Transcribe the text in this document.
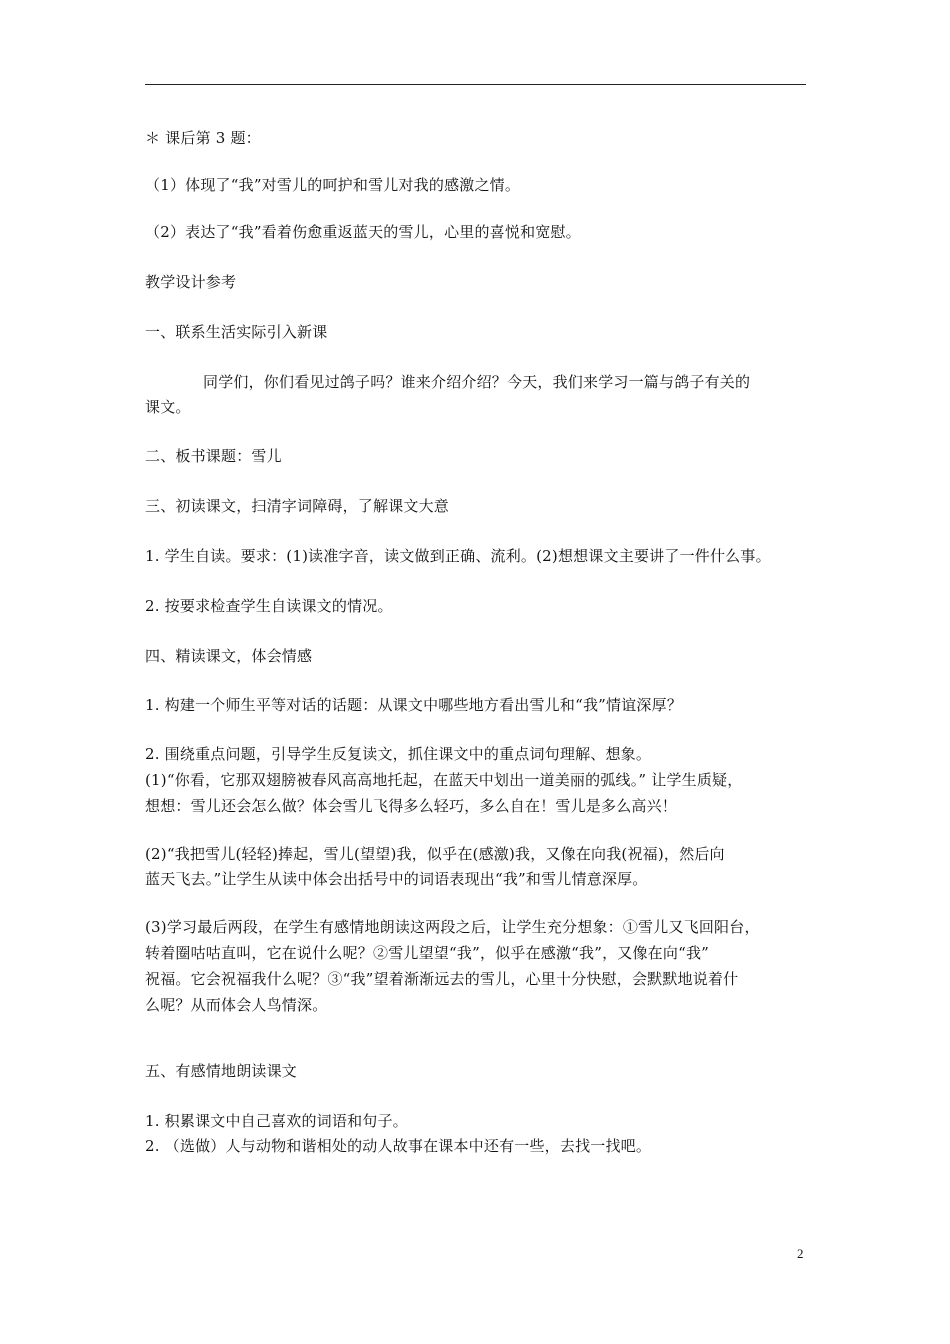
＊ 课后第 3 题：
（1）体现了“我”对雪儿的呵护和雪儿对我的感激之情。
（2）表达了“我”看着伤愈重返蓝天的雪儿，心里的喜悦和宽慰。
教学设计参考
一、联系生活实际引入新课
同学们，你们看见过鸽子吗？谁来介绍介绍？今天，我们来学习一篇与鸽子有关的
课文。
二、板书课题：雪儿
三、初读课文，扫清字词障碍，了解课文大意
1. 学生自读。要求：(1)读准字音，读文做到正确、流利。(2)想想课文主要讲了一件什么事。
2. 按要求检查学生自读课文的情况。
四、精读课文，体会情感
1. 构建一个师生平等对话的话题：从课文中哪些地方看出雪儿和“我”情谊深厚？
2. 围绕重点问题，引导学生反复读文，抓住课文中的重点词句理解、想象。
(1)“你看，它那双翅膀被春风高高地托起，在蓝天中划出一道美丽的弧线。” 让学生质疑，
想想：雪儿还会怎么做？体会雪儿飞得多么轻巧，多么自在！雪儿是多么高兴！
(2)“我把雪儿(轻轻)捧起，雪儿(望望)我，似乎在(感激)我，又像在向我(祝福)，然后向
蓝天飞去。”让学生从读中体会出括号中的词语表现出“我”和雪儿情意深厚。
(3)学习最后两段，在学生有感情地朗读这两段之后，让学生充分想象：①雪儿又飞回阳台，
转着圈咕咕直叫，它在说什么呢？②雪儿望望“我”，似乎在感激“我”，又像在向“我”
祝福。它会祝福我什么呢？③“我”望着渐渐远去的雪儿，心里十分快慰，会默默地说着什
么呢？从而体会人鸟情深。
五、有感情地朗读课文
1. 积累课文中自己喜欢的词语和句子。
2. （选做）人与动物和谐相处的动人故事在课本中还有一些，去找一找吧。
2
